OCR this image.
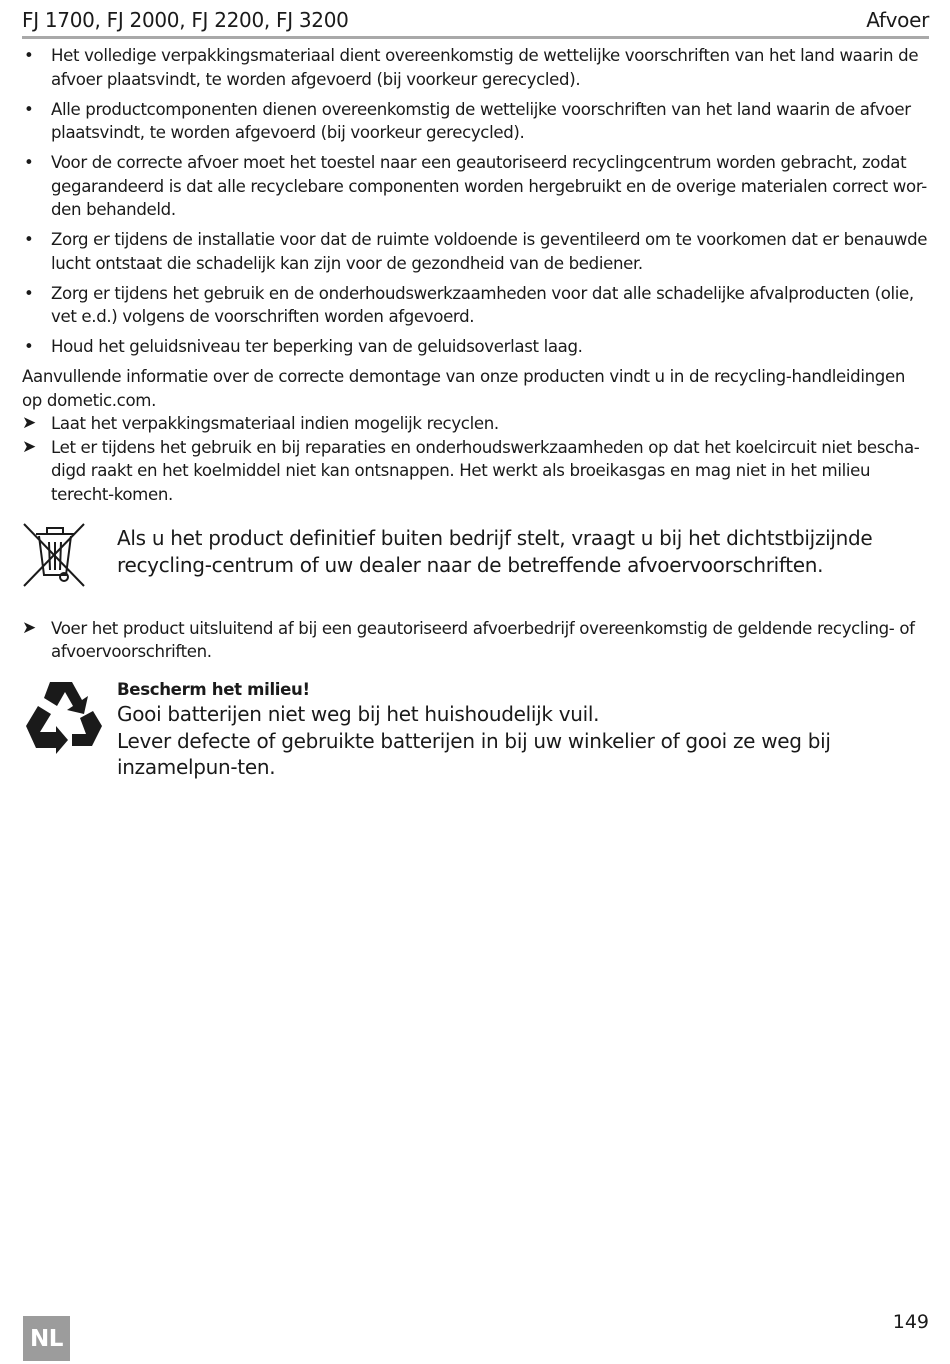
FJ 1700, FJ 2000, FJ 2200, FJ 3200	Afvoer
• Het volledige verpakkingsmateriaal dient overeenkomstig de wettelijke voorschriften van het land waarin de afvoer plaatsvindt, te worden afgevoerd (bij voorkeur gerecycled).
• Alle productcomponenten dienen overeenkomstig de wettelijke voorschriften van het land waarin de afvoer plaatsvindt, te worden afgevoerd (bij voorkeur gerecycled).
• Voor de correcte afvoer moet het toestel naar een geautoriseerd recyclingcentrum worden gebracht, zodat gegarandeerd is dat alle recyclebare componenten worden hergebruikt en de overige materialen correct wor-den behandeld.
• Zorg er tijdens de installatie voor dat de ruimte voldoende is geventileerd om te voorkomen dat er benauwde lucht ontstaat die schadelijk kan zijn voor de gezondheid van de bediener.
• Zorg er tijdens het gebruik en de onderhoudswerkzaamheden voor dat alle schadelijke afvalproducten (olie, vet e.d.) volgens de voorschriften worden afgevoerd.
• Houd het geluidsniveau ter beperking van de geluidsoverlast laag.

Aanvullende informatie over de correcte demontage van onze producten vindt u in de recycling-handleidingen op dometic.com.

➤ Laat het verpakkingsmateriaal indien mogelijk recyclen.
➤ Let er tijdens het gebruik en bij reparaties en onderhoudswerkzaamheden op dat het koelcircuit niet bescha-digd raakt en het koelmiddel niet kan ontsnappen. Het werkt als broeikasgas en mag niet in het milieu terecht-komen.
Als u het product definitief buiten bedrijf stelt, vraagt u bij het dichtstbijzijnde recycling-centrum of uw dealer naar de betreffende afvoervoorschriften.
➤ Voer het product uitsluitend af bij een geautoriseerd afvoerbedrijf overeenkomstig de geldende recycling- of afvoervoorschriften.
Bescherm het milieu!
Gooi batterijen niet weg bij het huishoudelijk vuil.
Lever defecte of gebruikte batterijen in bij uw winkelier of gooi ze weg bij inzamelpun-ten.
NL
149
